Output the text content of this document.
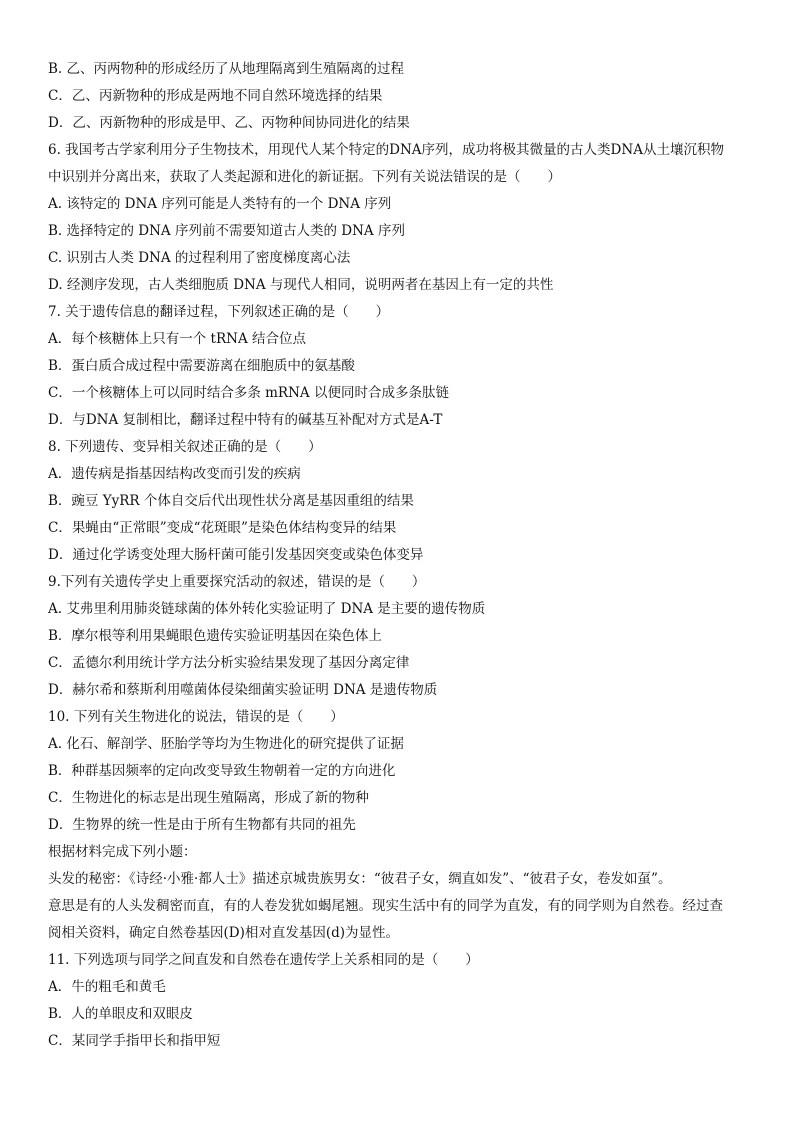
B. 乙、丙两物种的形成经历了从地理隔离到生殖隔离的过程
C．乙、丙新物种的形成是两地不同自然环境选择的结果
D．乙、丙新物种的形成是甲、乙、丙物种间协同进化的结果
6. 我国考古学家利用分子生物技术，用现代人某个特定的DNA序列，成功将极其微量的古人类DNA从土壤沉积物
中识别并分离出来，获取了人类起源和进化的新证据。下列有关说法错误的是（　　）
A. 该特定的 DNA 序列可能是人类特有的一个 DNA 序列
B. 选择特定的 DNA 序列前不需要知道古人类的 DNA 序列
C. 识别古人类 DNA 的过程利用了密度梯度离心法
D. 经测序发现，古人类细胞质 DNA 与现代人相同，说明两者在基因上有一定的共性
7. 关于遗传信息的翻译过程，下列叙述正确的是（　　）
A．每个核糖体上只有一个 tRNA 结合位点
B．蛋白质合成过程中需要游离在细胞质中的氨基酸
C．一个核糖体上可以同时结合多条 mRNA 以便同时合成多条肽链
D．与DNA 复制相比，翻译过程中特有的碱基互补配对方式是A-T
8. 下列遗传、变异相关叙述正确的是（　　）
A．遗传病是指基因结构改变而引发的疾病
B．豌豆 YyRR 个体自交后代出现性状分离是基因重组的结果
C．果蝇由“正常眼”变成“花斑眼”是染色体结构变异的结果
D．通过化学诱变处理大肠杆菌可能引发基因突变或染色体变异
9.下列有关遗传学史上重要探究活动的叙述，错误的是（　　）
A. 艾弗里利用肺炎链球菌的体外转化实验证明了 DNA 是主要的遗传物质
B．摩尔根等利用果蝇眼色遗传实验证明基因在染色体上
C．孟德尔利用统计学方法分析实验结果发现了基因分离定律
D．赫尔希和蔡斯利用噬菌体侵染细菌实验证明 DNA 是遗传物质
10. 下列有关生物进化的说法，错误的是（　　）
A. 化石、解剖学、胚胎学等均为生物进化的研究提供了证据
B．种群基因频率的定向改变导致生物朝着一定的方向进化
C．生物进化的标志是出现生殖隔离，形成了新的物种
D．生物界的统一性是由于所有生物都有共同的祖先
根据材料完成下列小题：
头发的秘密：《诗经·小雅·都人士》描述京城贵族男女：“彼君子女，绸直如发”、“彼君子女，卷发如虿”。
意思是有的人头发稠密而直，有的人卷发犹如蝎尾翘。现实生活中有的同学为直发，有的同学则为自然卷。经过查
阅相关资料，确定自然卷基因(D)相对直发基因(d)为显性。
11. 下列选项与同学之间直发和自然卷在遗传学上关系相同的是（　　）
A．牛的粗毛和黄毛
B．人的单眼皮和双眼皮
C．某同学手指甲长和指甲短
